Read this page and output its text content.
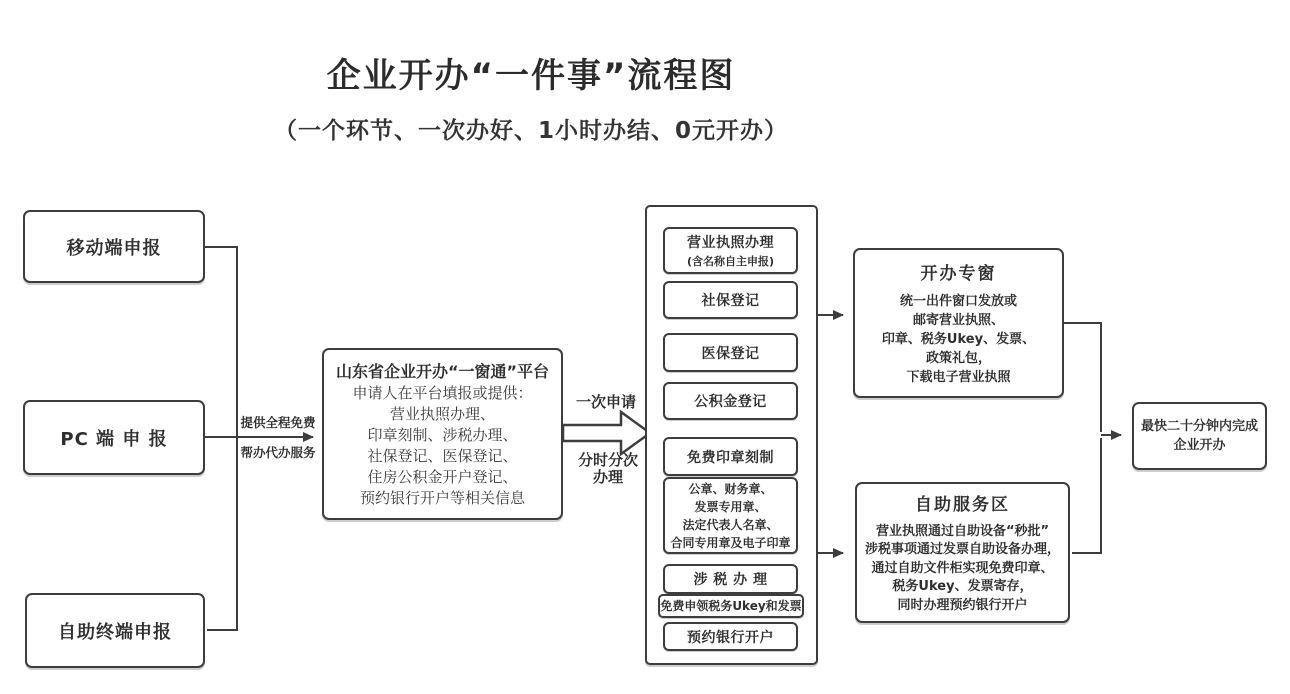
企业开办“一件事”流程图
（一个环节、一次办好、1小时办结、0元开办）
移动端申报
PC 端 申 报
自助终端申报
提供全程免费
帮办代办服务
山东省企业开办“一窗通”平台
申请人在平台填报或提供：
营业执照办理、
印章刻制、涉税办理、
社保登记、医保登记、
住房公积金开户登记、
预约银行开户等相关信息
一次申请
分时分次
办理
营业执照办理
(含名称自主申报)
社保登记
医保登记
公积金登记
免费印章刻制
公章、财务章、
发票专用章、
法定代表人名章、
合同专用章及电子印章
涉 税 办 理
免费申领税务Ukey和发票
预约银行开户
开办专窗
统一出件窗口发放或
邮寄营业执照、
印章、税务Ukey、发票、
政策礼包，
下载电子营业执照
自助服务区
营业执照通过自助设备“秒批”
涉税事项通过发票自助设备办理，
通过自助文件柜实现免费印章、
税务Ukey、发票寄存，
同时办理预约银行开户
最快二十分钟内完成
企业开办
